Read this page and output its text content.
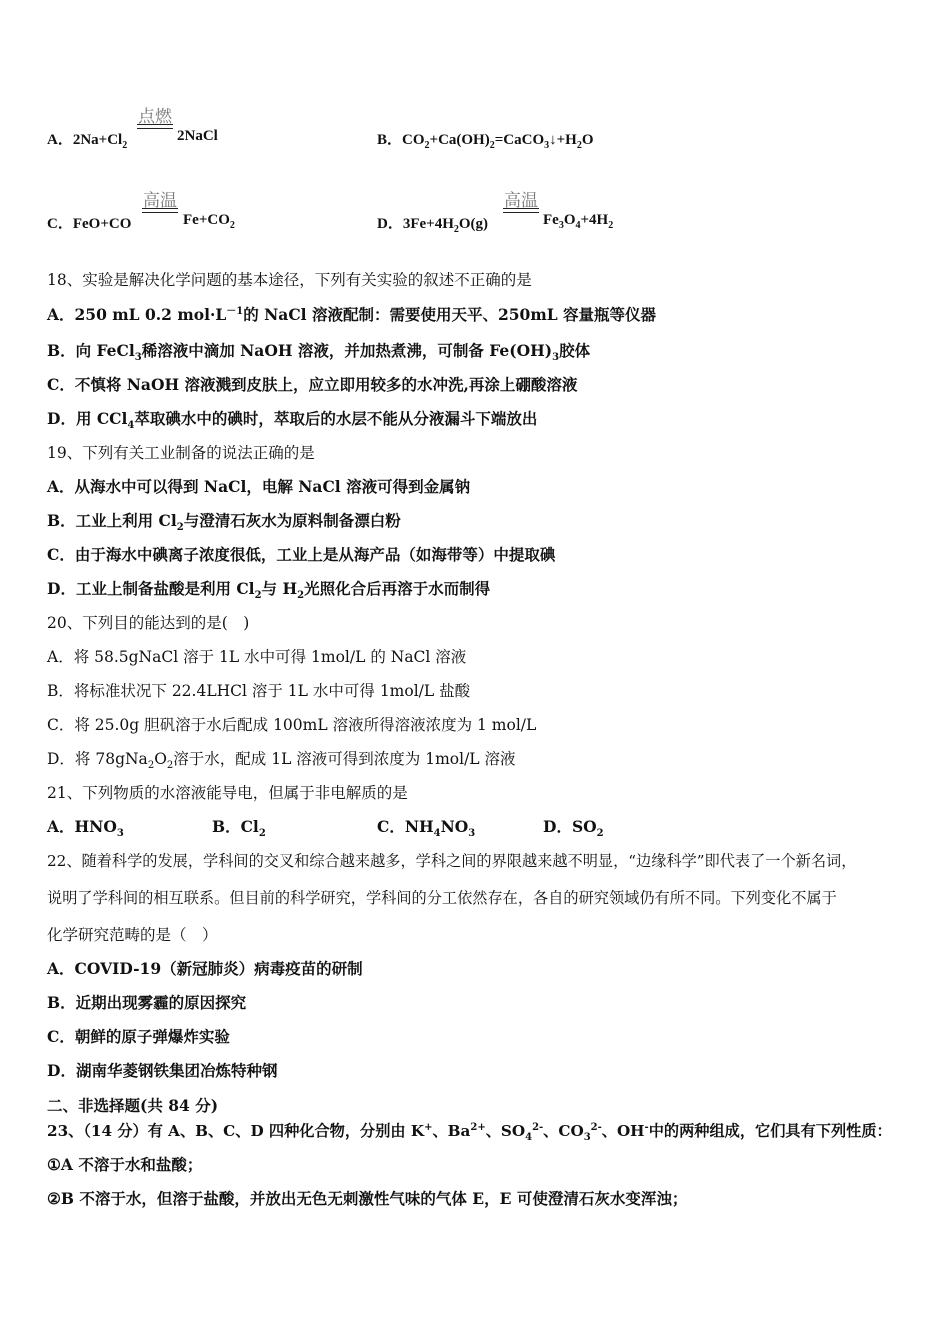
A．$2Na+Cl_2$
点燃
2NaCl	B．$CO_2+Ca(OH)_2=CaCO_3↓+H_2O$
C．FeO+CO
高温
$Fe+CO_2$	D．$3Fe+4H_2O(g)$
高温
$Fe_3O_4+4H_2$
18、实验是解决化学问题的基本途径，下列有关实验的叙述不正确的是
A．250 mL 0.2 $mol\cdot L^{-1}$的 NaCl 溶液配制：需要使用天平、250mL 容量瓶等仪器
B．向 FeCl$_3$稀溶液中滴加 NaOH 溶液，并加热煮沸，可制备 $Fe(OH)_3$胶体
C．不慎将 NaOH 溶液溅到皮肤上，应立即用较多的水冲洗,再涂上硼酸溶液
D．用 CCl$_4$萃取碘水中的碘时，萃取后的水层不能从分液漏斗下端放出
19、下列有关工业制备的说法正确的是
A．从海水中可以得到 NaCl，电解 NaCl 溶液可得到金属钠
B．工业上利用 $Cl_2$与澄清石灰水为原料制备漂白粉
C．由于海水中碘离子浓度很低，工业上是从海产品（如海带等）中提取碘
D．工业上制备盐酸是利用 $Cl_2$与 $H_2$光照化合后再溶于水而制得
20、下列目的能达到的是(　)
A．将 58.5gNaCl 溶于 1L 水中可得 1mol/L 的 NaCl 溶液
B．将标准状况下 22.4LHCl 溶于 1L 水中可得 1mol/L 盐酸
C．将 25.0g 胆矾溶于水后配成 100mL 溶液所得溶液浓度为 1 mol/L
D．将 $78gNa_2O_2$溶于水，配成 1L 溶液可得到浓度为 1mol/L 溶液
21、下列物质的水溶液能导电，但属于非电解质的是
A．$HNO_3$	B．$Cl_2$	C．$NH_4NO_3$	D．$SO_2$
22、随着科学的发展，学科间的交叉和综合越来越多，学科之间的界限越来越不明显，“边缘科学”即代表了一个新名词，
说明了学科间的相互联系。但目前的科学研究，学科间的分工依然存在，各自的研究领域仍有所不同。下列变化不属于
化学研究范畴的是（　）
A．COVID-19（新冠肺炎）病毒疫苗的研制
B．近期出现雾霾的原因探究
C．朝鲜的原子弹爆炸实验
D．湖南华菱钢铁集团冶炼特种钢
二、非选择题(共 84 分)
23、（14 分）有 A、B、C、D 四种化合物，分别由 K+、$Ba^{2+}$、$SO_4^{2-}$、$CO_3^{2-}$、OH-中的两种组成，它们具有下列性质：
①A 不溶于水和盐酸；
②B 不溶于水，但溶于盐酸，并放出无色无刺激性气味的气体 E，E 可使澄清石灰水变浑浊；
